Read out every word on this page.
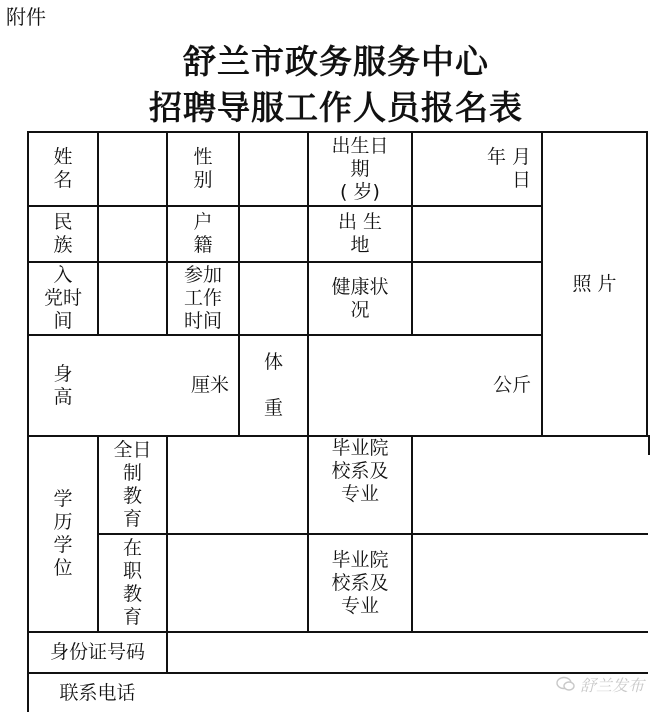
附件
舒兰市政务服务中心
招聘导服工作人员报名表
姓
名
性
别
出生日
期
( 岁)
年 月
日
照 片
民
族
户
籍
出 生
地
入
党时
间
参加
工作
时间
健康状
况
身
高
厘米
体

重
公斤
学
历
学
位
全日
制
教
育
毕业院
校系及
专业
在
职
教
育
毕业院
校系及
专业
身份证号码
联系电话	舒兰发布
